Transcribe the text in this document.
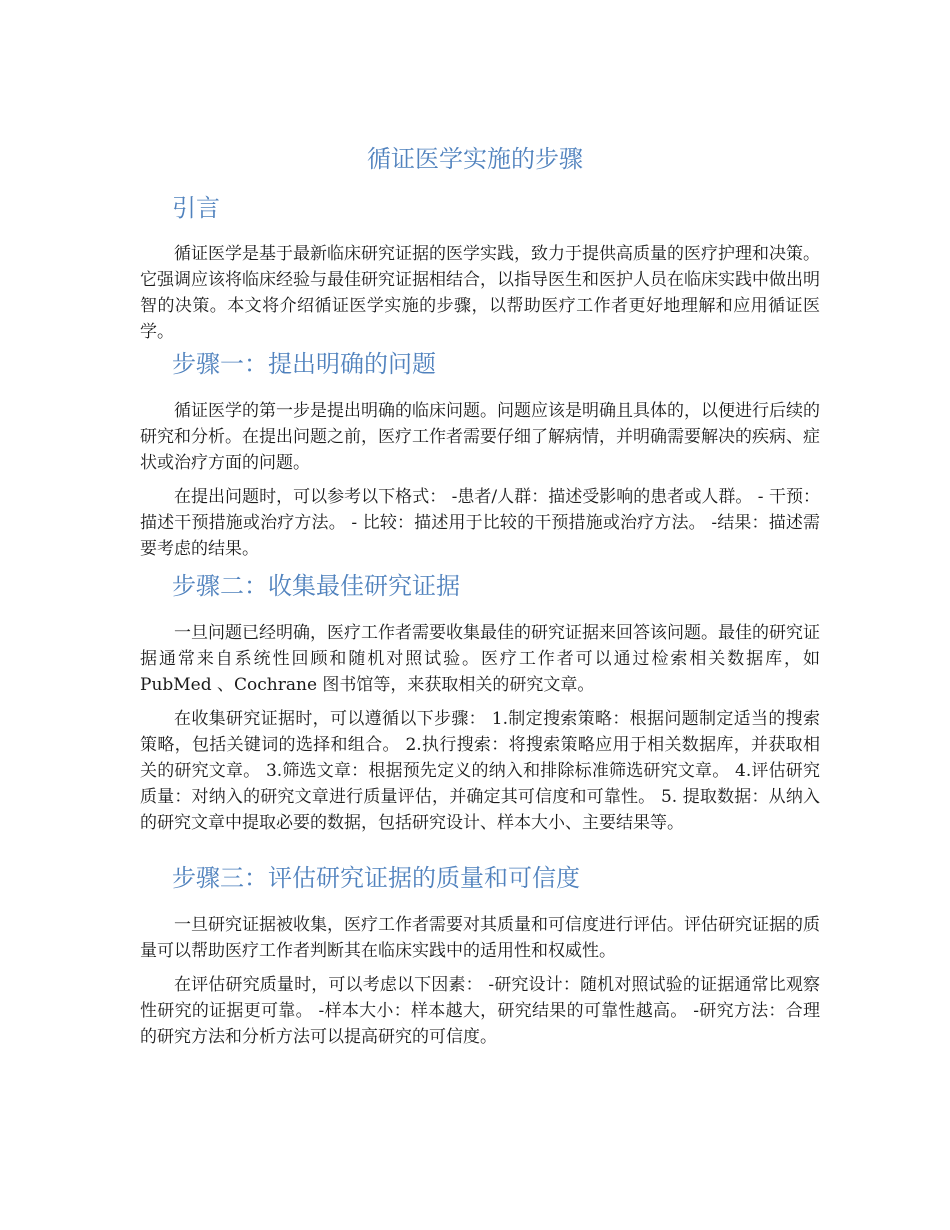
循证医学实施的步骤
引言

循证医学是基于最新临床研究证据的医学实践，致力于提供高质量的医疗护理和决策。它强调应该将临床经验与最佳研究证据相结合，以指导医生和医护人员在临床实践中做出明智的决策。本文将介绍循证医学实施的步骤，以帮助医疗工作者更好地理解和应用循证医学。

步骤一：提出明确的问题

循证医学的第一步是提出明确的临床问题。问题应该是明确且具体的，以便进行后续的研究和分析。在提出问题之前，医疗工作者需要仔细了解病情，并明确需要解决的疾病、症状或治疗方面的问题。

在提出问题时，可以参考以下格式： -患者/人群：描述受影响的患者或人群。 - 干预：描述干预措施或治疗方法。 - 比较：描述用于比较的干预措施或治疗方法。 -结果：描述需要考虑的结果。

步骤二：收集最佳研究证据

一旦问题已经明确，医疗工作者需要收集最佳的研究证据来回答该问题。最佳的研究证据通常来自系统性回顾和随机对照试验。医疗工作者可以通过检索相关数据库，如 PubMed 、Cochrane 图书馆等，来获取相关的研究文章。

在收集研究证据时，可以遵循以下步骤： 1.制定搜索策略：根据问题制定适当的搜索策略，包括关键词的选择和组合。 2.执行搜索：将搜索策略应用于相关数据库，并获取相关的研究文章。 3.筛选文章：根据预先定义的纳入和排除标准筛选研究文章。 4.评估研究质量：对纳入的研究文章进行质量评估，并确定其可信度和可靠性。 5. 提取数据：从纳入的研究文章中提取必要的数据，包括研究设计、样本大小、主要结果等。

步骤三：评估研究证据的质量和可信度

一旦研究证据被收集，医疗工作者需要对其质量和可信度进行评估。评估研究证据的质量可以帮助医疗工作者判断其在临床实践中的适用性和权威性。

在评估研究质量时，可以考虑以下因素： -研究设计：随机对照试验的证据通常比观察性研究的证据更可靠。 -样本大小：样本越大，研究结果的可靠性越高。 -研究方法：合理的研究方法和分析方法可以提高研究的可信度。
